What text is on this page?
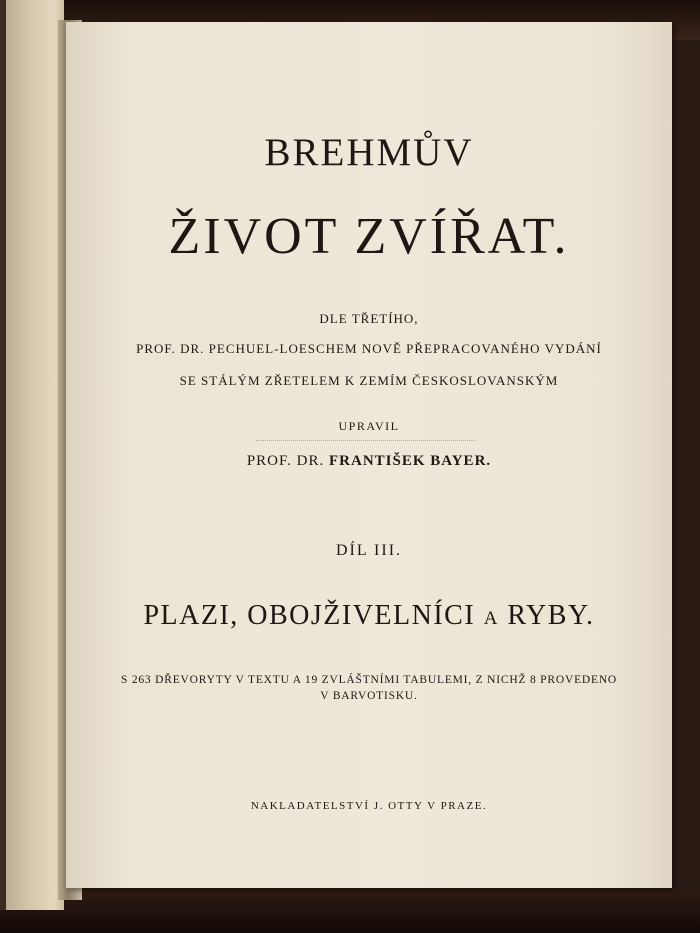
BREHMŮV
ŽIVOT ZVÍŘAT.
DLE TŘETÍHO,
PROF. DR. PECHUEL-LOESCHEM NOVĚ PŘEPRACOVANÉHO VYDÁNÍ
SE STÁLÝM ZŘETELEM K ZEMÍM ČESKOSLOVANSKÝM
UPRAVIL
PROF. DR. FRANTIŠEK BAYER.
DÍL III.
PLAZI, OBOJŽIVELNÍCI A RYBY.
S 263 DŘEVORYTY V TEXTU A 19 ZVLÁŠTNÍMI TABULEMI, Z NICHŽ 8 PROVEDENO
V BARVOTISKU.
NAKLADATELSTVÍ J. OTTY V PRAZE.
